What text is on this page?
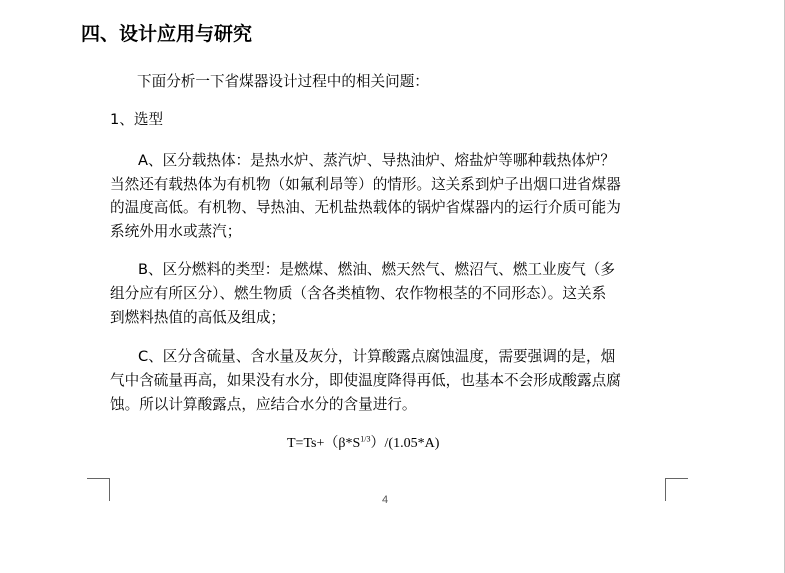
四、设计应用与研究
下面分析一下省煤器设计过程中的相关问题：
1、选型
A、区分载热体：是热水炉、蒸汽炉、导热油炉、熔盐炉等哪种载热体炉？
当然还有载热体为有机物（如氟利昂等）的情形。这关系到炉子出烟口进省煤器
的温度高低。有机物、导热油、无机盐热载体的锅炉省煤器内的运行介质可能为
系统外用水或蒸汽；
B、区分燃料的类型：是燃煤、燃油、燃天然气、燃沼气、燃工业废气（多
组分应有所区分）、燃生物质（含各类植物、农作物根茎的不同形态）。这关系
到燃料热值的高低及组成；
C、区分含硫量、含水量及灰分，计算酸露点腐蚀温度，需要强调的是，烟
气中含硫量再高，如果没有水分，即使温度降得再低，也基本不会形成酸露点腐
蚀。所以计算酸露点，应结合水分的含量进行。
$T=Ts+(\beta*S^{1/3})/(1.05*A)$
4
